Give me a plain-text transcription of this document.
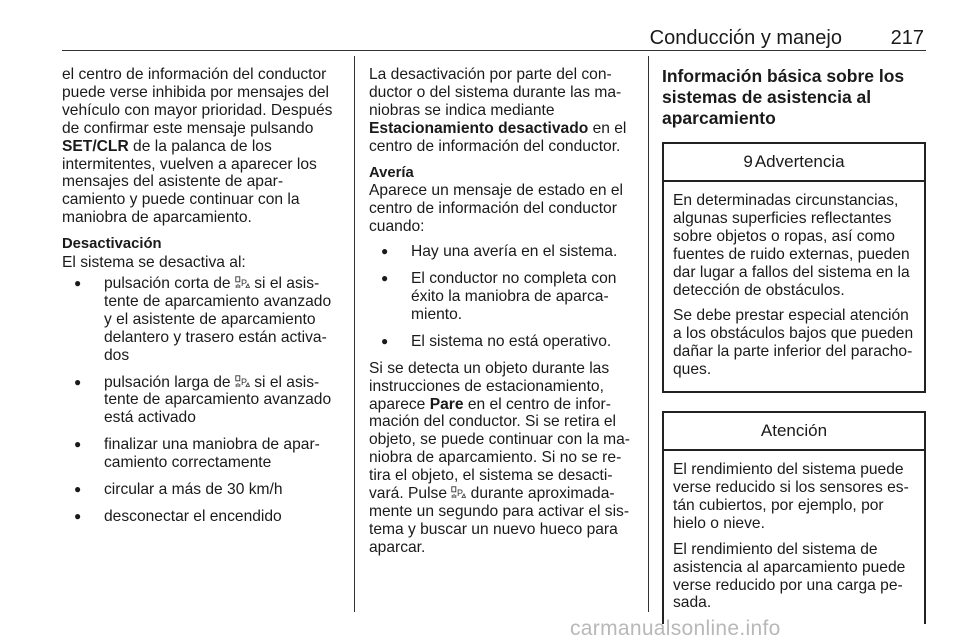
Conducción y manejo 217

el centro de información del conductor puede verse inhibida por mensajes del vehículo con mayor prioridad. Después de confirmar este mensaje pulsando SET/CLR de la palanca de los intermitentes, vuelven a aparecer los mensajes del asistente de aparcamiento y puede continuar con la maniobra de aparcamiento.

Desactivación

El sistema se desactiva al:

● pulsación corta de P si el asistente de aparcamiento avanzado y el asistente de aparcamiento delantero y trasero están activados
● pulsación larga de P si el asistente de aparcamiento avanzado está activado
● finalizar una maniobra de aparcamiento correctamente
● circular a más de 30 km/h
● desconectar el encendido

La desactivación por parte del conductor o del sistema durante las maniobras se indica mediante Estacionamiento desactivado en el centro de información del conductor.

Avería

Aparece un mensaje de estado en el centro de información del conductor cuando:

● Hay una avería en el sistema.
● El conductor no completa con éxito la maniobra de aparcamiento.
● El sistema no está operativo.

Si se detecta un objeto durante las instrucciones de estacionamiento, aparece Pare en el centro de información del conductor. Si se retira el objeto, se puede continuar con la maniobra de aparcamiento. Si no se retira el objeto, el sistema se desactivará. Pulse P durante aproximadamente un segundo para activar el sistema y buscar un nuevo hueco para aparcar.

Información básica sobre los sistemas de asistencia al aparcamiento
9 Advertencia

En determinadas circunstancias, algunas superficies reflectantes sobre objetos o ropas, así como fuentes de ruido externas, pueden dar lugar a fallos del sistema en la detección de obstáculos.

Se debe prestar especial atención a los obstáculos bajos que pueden dañar la parte inferior del parachoques.

Atención

El rendimiento del sistema puede verse reducido si los sensores están cubiertos, por ejemplo, por hielo o nieve.

El rendimiento del sistema de asistencia al aparcamiento puede verse reducido por una carga pesada.

carmanualsonline.info
